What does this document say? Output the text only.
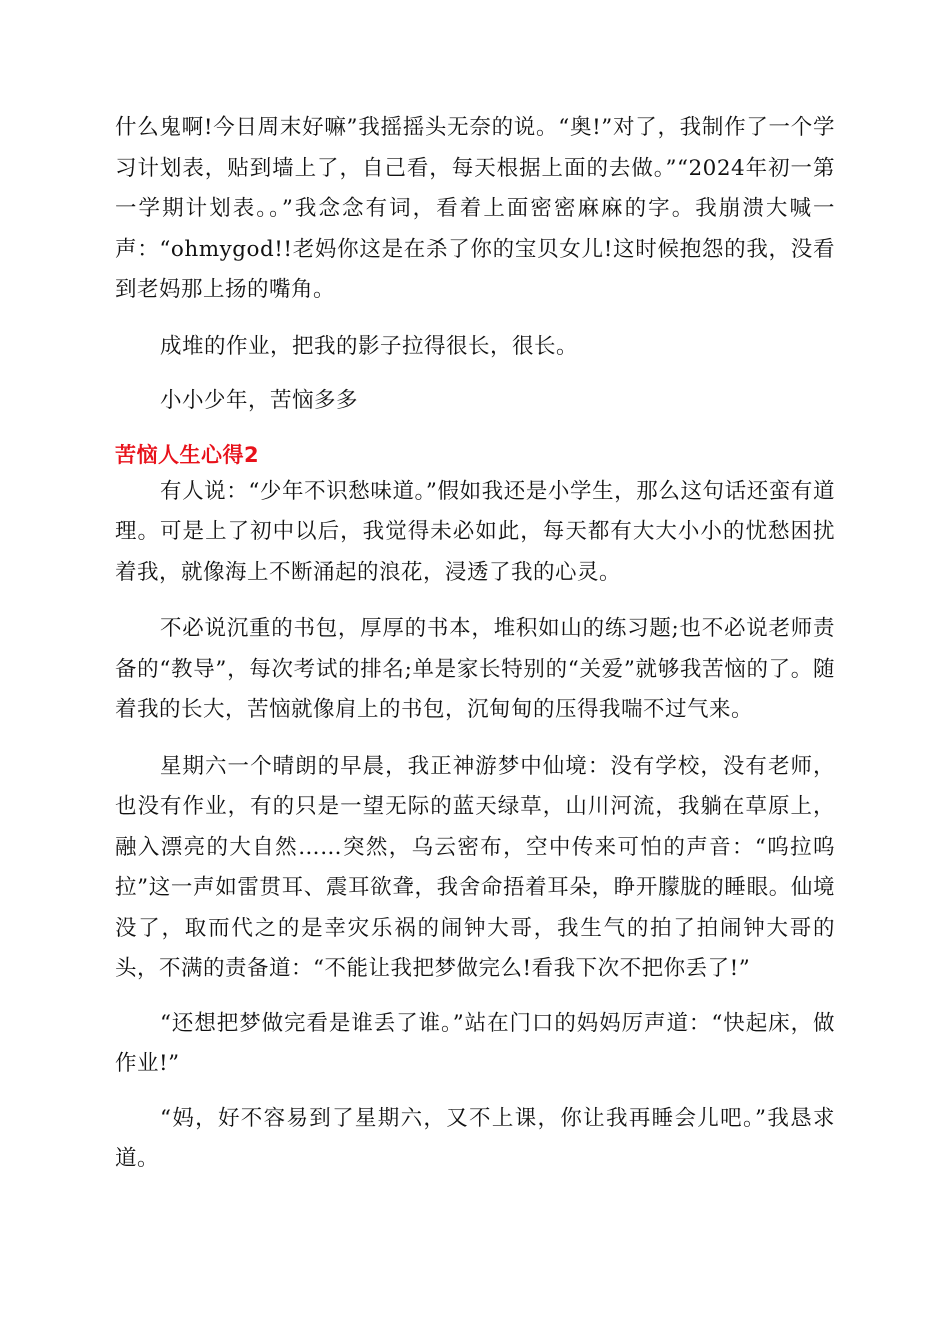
什么鬼啊!今日周末好嘛”我摇摇头无奈的说。“奥!”对了，我制作了一个学习计划表，贴到墙上了，自己看，每天根据上面的去做。”“2024年初一第一学期计划表。。”我念念有词，看着上面密密麻麻的字。我崩溃大喊一声：“ohmygod!!老妈你这是在杀了你的宝贝女儿!这时候抱怨的我，没看到老妈那上扬的嘴角。

成堆的作业，把我的影子拉得很长，很长。

小小少年，苦恼多多

苦恼人生心得2

有人说：“少年不识愁味道。”假如我还是小学生，那么这句话还蛮有道理。可是上了初中以后，我觉得未必如此，每天都有大大小小的忧愁困扰着我，就像海上不断涌起的浪花，浸透了我的心灵。

不必说沉重的书包，厚厚的书本，堆积如山的练习题;也不必说老师责备的“教导”，每次考试的排名;单是家长特别的“关爱”就够我苦恼的了。随着我的长大，苦恼就像肩上的书包，沉甸甸的压得我喘不过气来。

星期六一个晴朗的早晨，我正神游梦中仙境：没有学校，没有老师，也没有作业，有的只是一望无际的蓝天绿草，山川河流，我躺在草原上，融入漂亮的大自然……突然，乌云密布，空中传来可怕的声音：“呜拉呜拉”这一声如雷贯耳、震耳欲聋，我舍命捂着耳朵，睁开朦胧的睡眼。仙境没了，取而代之的是幸灾乐祸的闹钟大哥，我生气的拍了拍闹钟大哥的头，不满的责备道：“不能让我把梦做完么!看我下次不把你丢了!”

“还想把梦做完看是谁丢了谁。”站在门口的妈妈厉声道：“快起床，做作业!”

“妈，好不容易到了星期六，又不上课，你让我再睡会儿吧。”我恳求道。
